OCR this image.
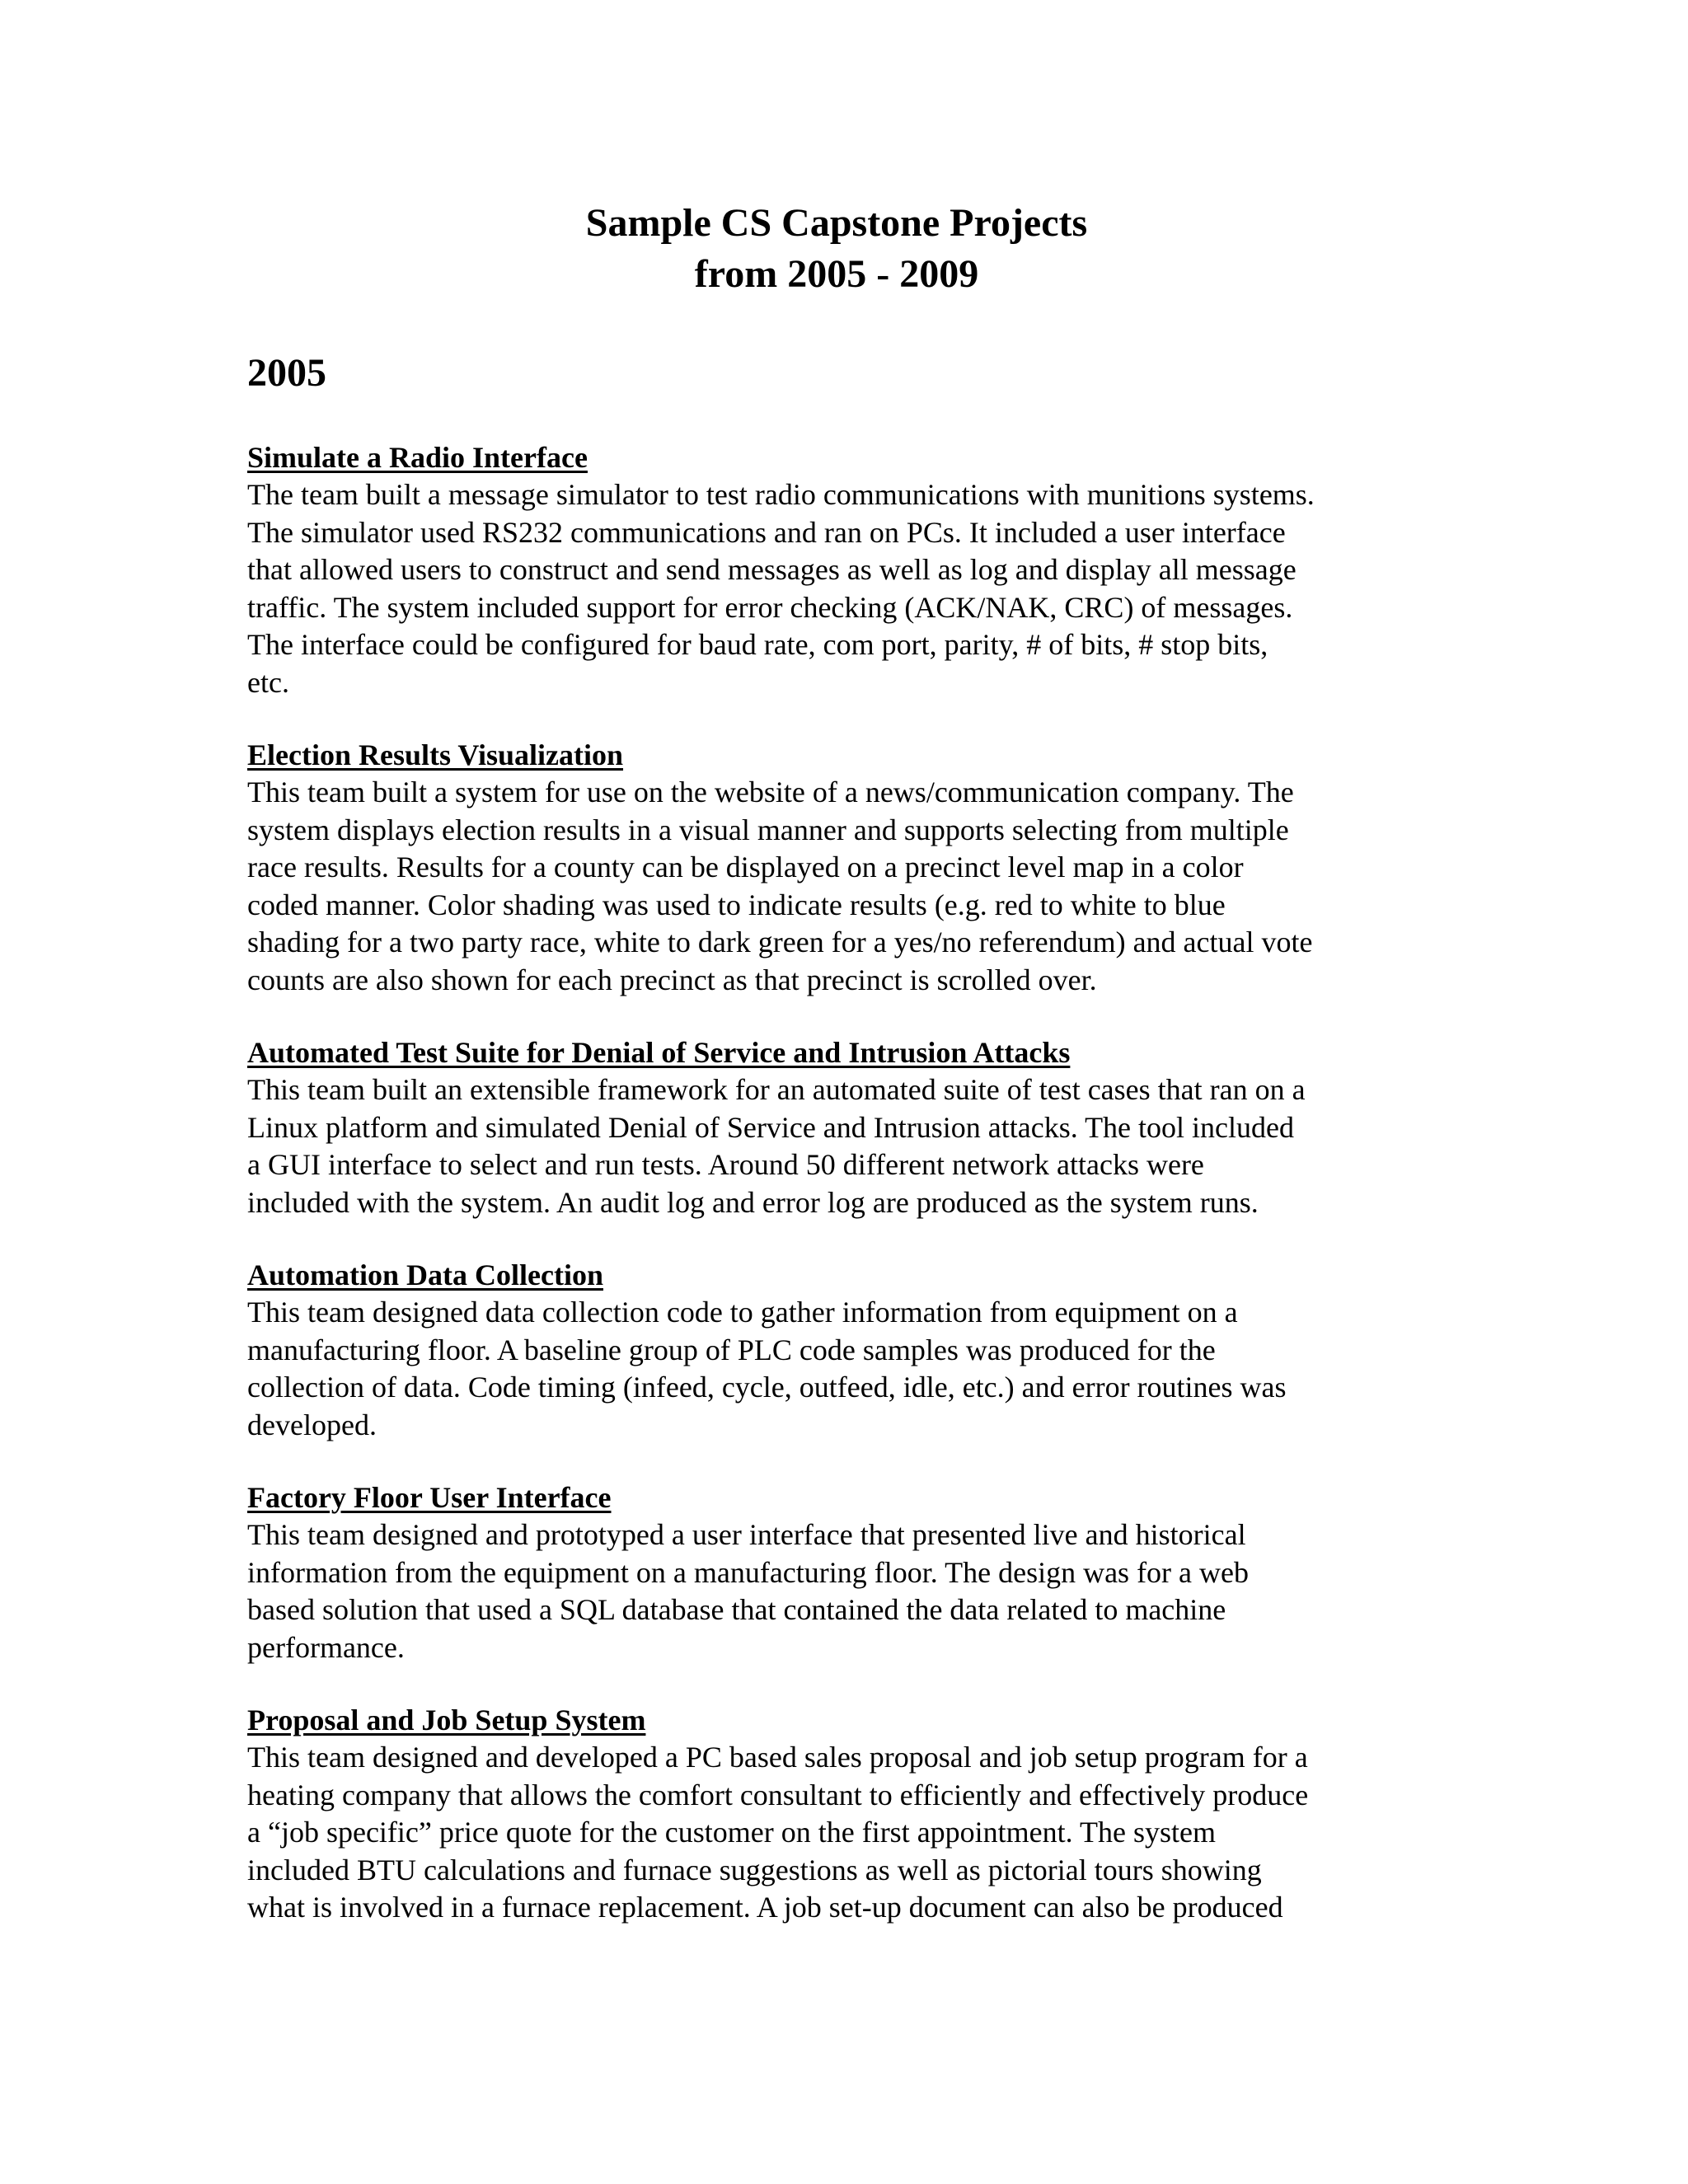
Sample CS Capstone Projects
from 2005 - 2009
2005
Simulate a Radio Interface
The team built a message simulator to test radio communications with munitions systems.
The simulator used RS232 communications and ran on PCs. It included a user interface
that allowed users to construct and send messages as well as log and display all message
traffic. The system included support for error checking (ACK/NAK, CRC) of messages.
The interface could be configured for baud rate, com port, parity, # of bits, # stop bits,
etc.
Election Results Visualization
This team built a system for use on the website of a news/communication company. The
system displays election results in a visual manner and supports selecting from multiple
race results. Results for a county can be displayed on a precinct level map in a color
coded manner. Color shading was used to indicate results (e.g. red to white to blue
shading for a two party race, white to dark green for a yes/no referendum) and actual vote
counts are also shown for each precinct as that precinct is scrolled over.
Automated Test Suite for Denial of Service and Intrusion Attacks
This team built an extensible framework for an automated suite of test cases that ran on a
Linux platform and simulated Denial of Service and Intrusion attacks. The tool included
a GUI interface to select and run tests. Around 50 different network attacks were
included with the system. An audit log and error log are produced as the system runs.
Automation Data Collection
This team designed data collection code to gather information from equipment on a
manufacturing floor. A baseline group of PLC code samples was produced for the
collection of data. Code timing (infeed, cycle, outfeed, idle, etc.) and error routines was
developed.
Factory Floor User Interface
This team designed and prototyped a user interface that presented live and historical
information from the equipment on a manufacturing floor. The design was for a web
based solution that used a SQL database that contained the data related to machine
performance.
Proposal and Job Setup System
This team designed and developed a PC based sales proposal and job setup program for a
heating company that allows the comfort consultant to efficiently and effectively produce
a “job specific” price quote for the customer on the first appointment. The system
included BTU calculations and furnace suggestions as well as pictorial tours showing
what is involved in a furnace replacement. A job set-up document can also be produced
